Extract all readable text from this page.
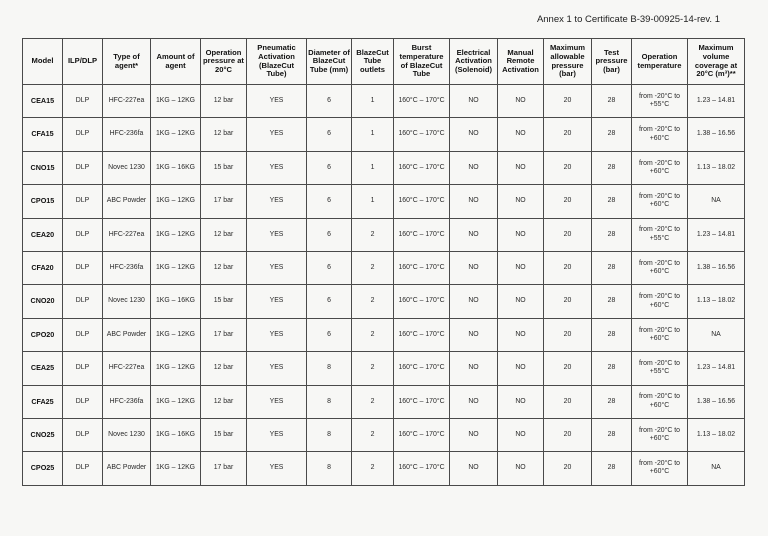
Annex 1 to Certificate B-39-00925-14-rev. 1
Model	ILP/DLP	Type of agent*	Amount of agent	Operation pressure at 20°C	Pneumatic Activation (BlazeCut Tube)	Diameter of BlazeCut Tube (mm)	BlazeCut Tube outlets	Burst temperature of BlazeCut Tube	Electrical Activation (Solenoid)	Manual Remote Activation	Maximum allowable pressure (bar)	Test pressure (bar)	Operation temperature	Maximum volume coverage at 20°C (m³)**
CEA15	DLP	HFC-227ea	1KG – 12KG	12 bar	YES	6	1	160°C – 170°C	NO	NO	20	28	from -20°C to +55°C	1.23 – 14.81
CFA15	DLP	HFC-236fa	1KG – 12KG	12 bar	YES	6	1	160°C – 170°C	NO	NO	20	28	from -20°C to +60°C	1.38 – 16.56
CNO15	DLP	Novec 1230	1KG – 16KG	15 bar	YES	6	1	160°C – 170°C	NO	NO	20	28	from -20°C to +60°C	1.13 – 18.02
CPO15	DLP	ABC Powder	1KG – 12KG	17 bar	YES	6	1	160°C – 170°C	NO	NO	20	28	from -20°C to +60°C	NA
CEA20	DLP	HFC-227ea	1KG – 12KG	12 bar	YES	6	2	160°C – 170°C	NO	NO	20	28	from -20°C to +55°C	1.23 – 14.81
CFA20	DLP	HFC-236fa	1KG – 12KG	12 bar	YES	6	2	160°C – 170°C	NO	NO	20	28	from -20°C to +60°C	1.38 – 16.56
CNO20	DLP	Novec 1230	1KG – 16KG	15 bar	YES	6	2	160°C – 170°C	NO	NO	20	28	from -20°C to +60°C	1.13 – 18.02
CPO20	DLP	ABC Powder	1KG – 12KG	17 bar	YES	6	2	160°C – 170°C	NO	NO	20	28	from -20°C to +60°C	NA
CEA25	DLP	HFC-227ea	1KG – 12KG	12 bar	YES	8	2	160°C – 170°C	NO	NO	20	28	from -20°C to +55°C	1.23 – 14.81
CFA25	DLP	HFC-236fa	1KG – 12KG	12 bar	YES	8	2	160°C – 170°C	NO	NO	20	28	from -20°C to +60°C	1.38 – 16.56
CNO25	DLP	Novec 1230	1KG – 16KG	15 bar	YES	8	2	160°C – 170°C	NO	NO	20	28	from -20°C to +60°C	1.13 – 18.02
CPO25	DLP	ABC Powder	1KG – 12KG	17 bar	YES	8	2	160°C – 170°C	NO	NO	20	28	from -20°C to +60°C	NA
